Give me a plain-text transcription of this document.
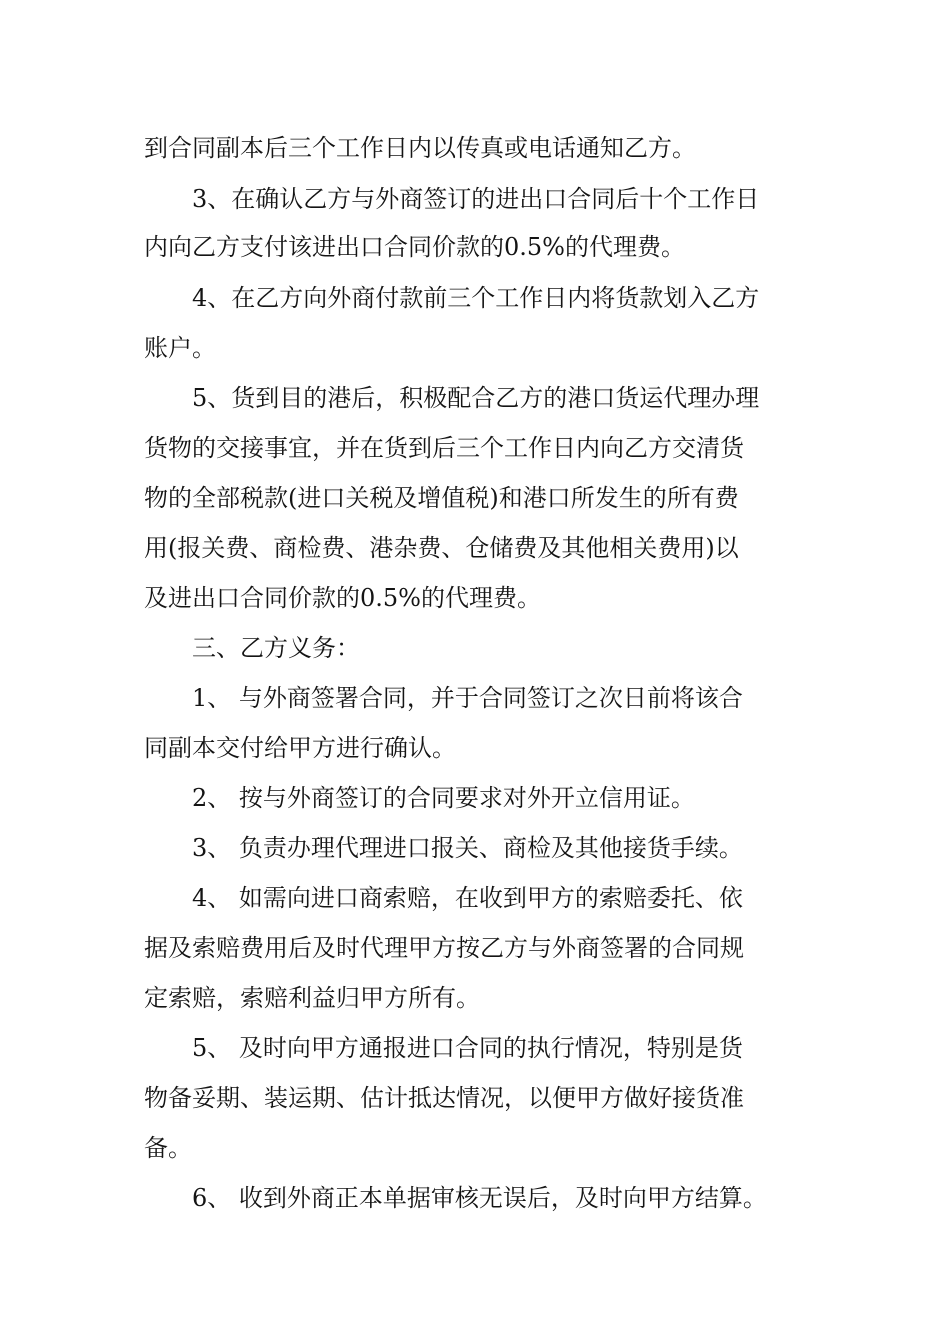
到合同副本后三个工作日内以传真或电话通知乙方。
3、在确认乙方与外商签订的进出口合同后十个工作日
内向乙方支付该进出口合同价款的0.5%的代理费。
4、在乙方向外商付款前三个工作日内将货款划入乙方
账户。
5、货到目的港后，积极配合乙方的港口货运代理办理
货物的交接事宜，并在货到后三个工作日内向乙方交清货
物的全部税款(进口关税及增值税)和港口所发生的所有费
用(报关费、商检费、港杂费、仓储费及其他相关费用)以
及进出口合同价款的0.5%的代理费。
三、乙方义务：
1、 与外商签署合同，并于合同签订之次日前将该合
同副本交付给甲方进行确认。
2、 按与外商签订的合同要求对外开立信用证。
3、 负责办理代理进口报关、商检及其他接货手续。
4、 如需向进口商索赔，在收到甲方的索赔委托、依
据及索赔费用后及时代理甲方按乙方与外商签署的合同规
定索赔，索赔利益归甲方所有。
5、 及时向甲方通报进口合同的执行情况，特别是货
物备妥期、装运期、估计抵达情况，以便甲方做好接货准
备。
6、 收到外商正本单据审核无误后，及时向甲方结算。
